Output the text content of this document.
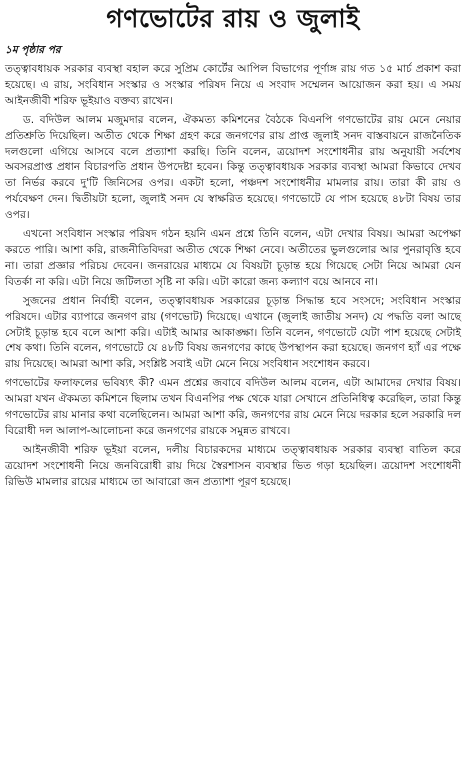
গণভোটের রায় ও জুলাই
১ম পৃষ্ঠার পর

তত্ত্বাবধায়ক সরকার ব্যবস্থা বহাল করে সুপ্রিম কোর্টের আপিল বিভাগের পূর্ণাঙ্গ রায় গত ১৫ মার্চ প্রকাশ করা হয়েছে। এ রায়, সংবিধান সংস্কার ও সংস্কার পরিষদ নিয়ে এ সংবাদ সম্মেলন আয়োজন করা হয়। এ সময় আইনজীবী শরিফ ভূইয়াও বক্তব্য রাখেন।

ড. বদিউল আলম মজুমদার বলেন, ঐকমত্য কমিশনের বৈঠকে বিএনপি গণভোটের রায় মেনে নেয়ার প্রতিশ্রুতি দিয়েছিল। অতীত থেকে শিক্ষা গ্রহণ করে জনগণের রায় প্রাপ্ত জুলাই সনদ বাস্তবায়নে রাজনৈতিক দলগুলো এগিয়ে আসবে বলে প্রত্যাশা করছি। তিনি বলেন, ত্রয়োদশ সংশোধনীর রায় অনুযায়ী সর্বশেষ অবসরপ্রাপ্ত প্রধান বিচারপতি প্রধান উপদেষ্টা হবেন। কিন্তু তত্ত্বাবধায়ক সরকার ব্যবস্থা আমরা কিভাবে দেখব তা নির্ভর করবে দু'টি জিনিসের ওপর। একটা হলো, পঞ্চদশ সংশোধনীর মামলার রায়। তারা কী রায় ও পর্যবেক্ষণ দেন। দ্বিতীয়টা হলো, জুলাই সনদ যে স্বাক্ষরিত হয়েছে। গণভোটে যে পাস হয়েছে ৪৮টা বিষয় তার ওপর।

এখনো সংবিধান সংস্কার পরিষদ গঠন হয়নি এমন প্রশ্নে তিনি বলেন, এটা দেখার বিষয়। আমরা অপেক্ষা করতে পারি। আশা করি, রাজনীতিবিদরা অতীত থেকে শিক্ষা নেবে। অতীতের ভুলগুলোর আর পুনরাবৃত্তি হবে না। তারা প্রজ্ঞার পরিচয় দেবেন। জনরায়ের মাধ্যমে যে বিষয়টা চূড়ান্ত হয়ে গিয়েছে সেটা নিয়ে আমরা যেন বিতর্কা না করি। এটা নিয়ে জটিলতা সৃষ্টি না করি। এটা কারো জন্য কল্যাণ বয়ে আনবে না।

সুজনের প্রধান নির্বাহী বলেন, তত্ত্বাবধায়ক সরকারের চূড়ান্ত সিদ্ধান্ত হবে সংসদে; সংবিধান সংস্কার পরিষদে। এটার ব্যাপারে জনগণ রায় (গণভোট) দিয়েছে। এখানে (জুলাই জাতীয় সনদ) যে পদ্ধতি বলা আছে সেটাই চূড়ান্ত হবে বলে আশা করি। এটাই আমার আকাঙ্ক্ষা। তিনি বলেন, গণভোটে যেটা পাশ হয়েছে সেটাই শেষ কথা। তিনি বলেন, গণভোটে যে ৪৮টি বিষয় জনগণের কাছে উপস্থাপন করা হয়েছে। জনগণ হ্যাঁ এর পক্ষে রায় দিয়েছে। আমরা আশা করি, সংশ্লিষ্ট সবাই এটা মেনে নিয়ে সংবিধান সংশোধন করবে।

গণভোটের ফলাফলের ভবিষ্যৎ কী? এমন প্রশ্নের জবাবে বদিউল আলম বলেন, এটা আমাদের দেখার বিষয়। আমরা যখন ঐকমত্য কমিশনে ছিলাম তখন বিএনপির পক্ষ থেকে যারা সেখানে প্রতিনিধিত্ব করেছিল, তারা কিন্তু গণভোটের রায় মানার কথা বলেছিলেন। আমরা আশা করি, জনগণের রায় মেনে নিয়ে দরকার হলে সরকারি দল বিরোধী দল আলাপ-আলোচনা করে জনগণের রায়কে সমুন্নত রাখবে।

আইনজীবী শরিফ ভূইয়া বলেন, দলীয় বিচারকদের মাধ্যমে তত্ত্বাবধায়ক সরকার ব্যবস্থা বাতিল করে ত্রয়োদশ সংশোধনী নিয়ে জনবিরোধী রায় দিয়ে স্বৈরশাসন ব্যবস্থার ভিত গড়া হয়েছিল। ত্রয়োদশ সংশোধনী রিভিউ মামলার রায়ের মাধ্যমে তা আবারো জন প্রত্যাশা পূরণ হয়েছে।
